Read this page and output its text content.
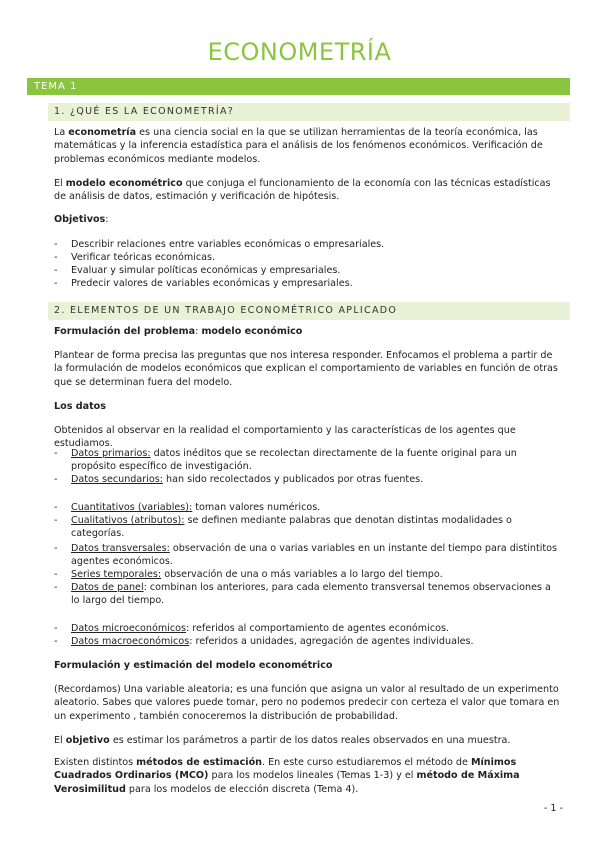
ECONOMETRÍA
TEMA 1
1. ¿QUÉ ES LA ECONOMETRÍA?
La econometría es una ciencia social en la que se utilizan herramientas de la teoría económica, las matemáticas y la inferencia estadística para el análisis de los fenómenos económicos. Verificación de problemas económicos mediante modelos.
El modelo econométrico que conjuga el funcionamiento de la economía con las técnicas estadísticas de análisis de datos, estimación y verificación de hipótesis.
Objetivos:
-	Describir relaciones entre variables económicas o empresariales.
-	Verificar teóricas económicas.
-	Evaluar y simular políticas económicas y empresariales.
-	Predecir valores de variables económicas y empresariales.
2. ELEMENTOS DE UN TRABAJO ECONOMÉTRICO APLICADO
Formulación del problema: modelo económico
Plantear de forma precisa las preguntas que nos interesa responder. Enfocamos el problema a partir de la formulación de modelos económicos que explican el comportamiento de variables en función de otras que se determinan fuera del modelo.
Los datos
Obtenidos al observar en la realidad el comportamiento y las características de los agentes que estudiamos.
-	Datos primarios: datos inéditos que se recolectan directamente de la fuente original para un propósito específico de investigación.
-	Datos secundarios: han sido recolectados y publicados por otras fuentes.
-	Cuantitativos (variables): toman valores numéricos.
-	Cualitativos (atributos): se definen mediante palabras que denotan distintas modalidades o categorías.
-	Datos transversales: observación de una o varias variables en un instante del tiempo para distintitos agentes económicos.
-	Series temporales: observación de una o más variables a lo largo del tiempo.
-	Datos de panel: combinan los anteriores, para cada elemento transversal tenemos observaciones a lo largo del tiempo.
-	Datos microeconómicos: referidos al comportamiento de agentes económicos.
-	Datos macroeconómicos: referidos a unidades, agregación de agentes individuales.
Formulación y estimación del modelo econométrico
(Recordamos) Una variable aleatoria; es una función que asigna un valor al resultado de un experimento aleatorio. Sabes que valores puede tomar, pero no podemos predecir con certeza el valor que tomara en un experimento , también conoceremos la distribución de probabilidad.
El objetivo es estimar los parámetros a partir de los datos reales observados en una muestra.
Existen distintos métodos de estimación. En este curso estudiaremos el método de Mínimos Cuadrados Ordinarios (MCO) para los modelos lineales (Temas 1-3) y el método de Máxima Verosimilitud para los modelos de elección discreta (Tema 4).
- 1 -
